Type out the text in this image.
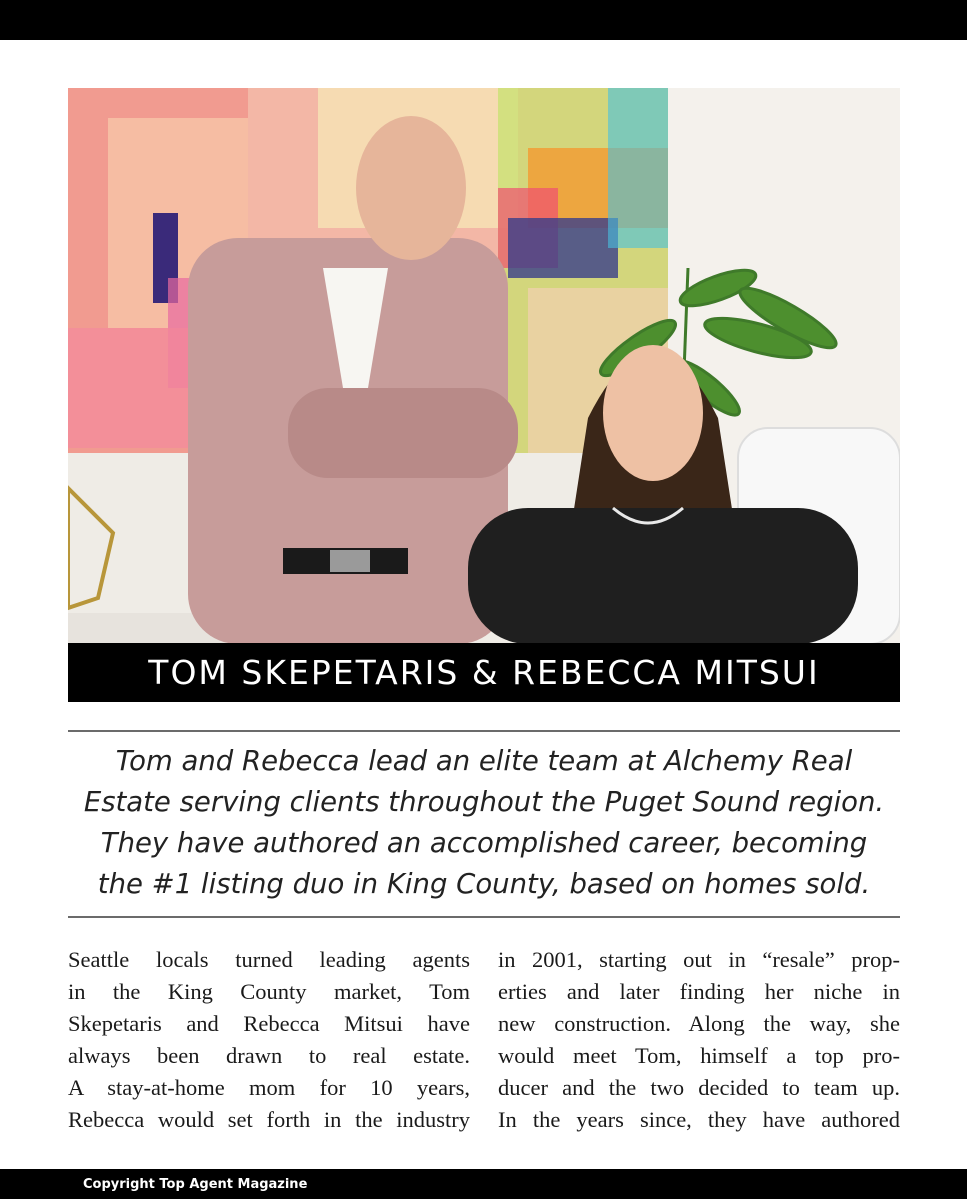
TOM SKEPETARIS & REBECCA MITSUI
Tom and Rebecca lead an elite team at Alchemy Real
Estate serving clients throughout the Puget Sound region.
They have authored an accomplished career, becoming
the #1 listing duo in King County, based on homes sold.
Seattle locals turned leading agents
in the King County market, Tom
Skepetaris and Rebecca Mitsui have
always been drawn to real estate.
A stay-at-home mom for 10 years,
Rebecca would set forth in the industry
in 2001, starting out in “resale” prop-
erties and later finding her niche in
new construction. Along the way, she
would meet Tom, himself a top pro-
ducer and the two decided to team up.
In the years since, they have authored
Copyright Top Agent Magazine
